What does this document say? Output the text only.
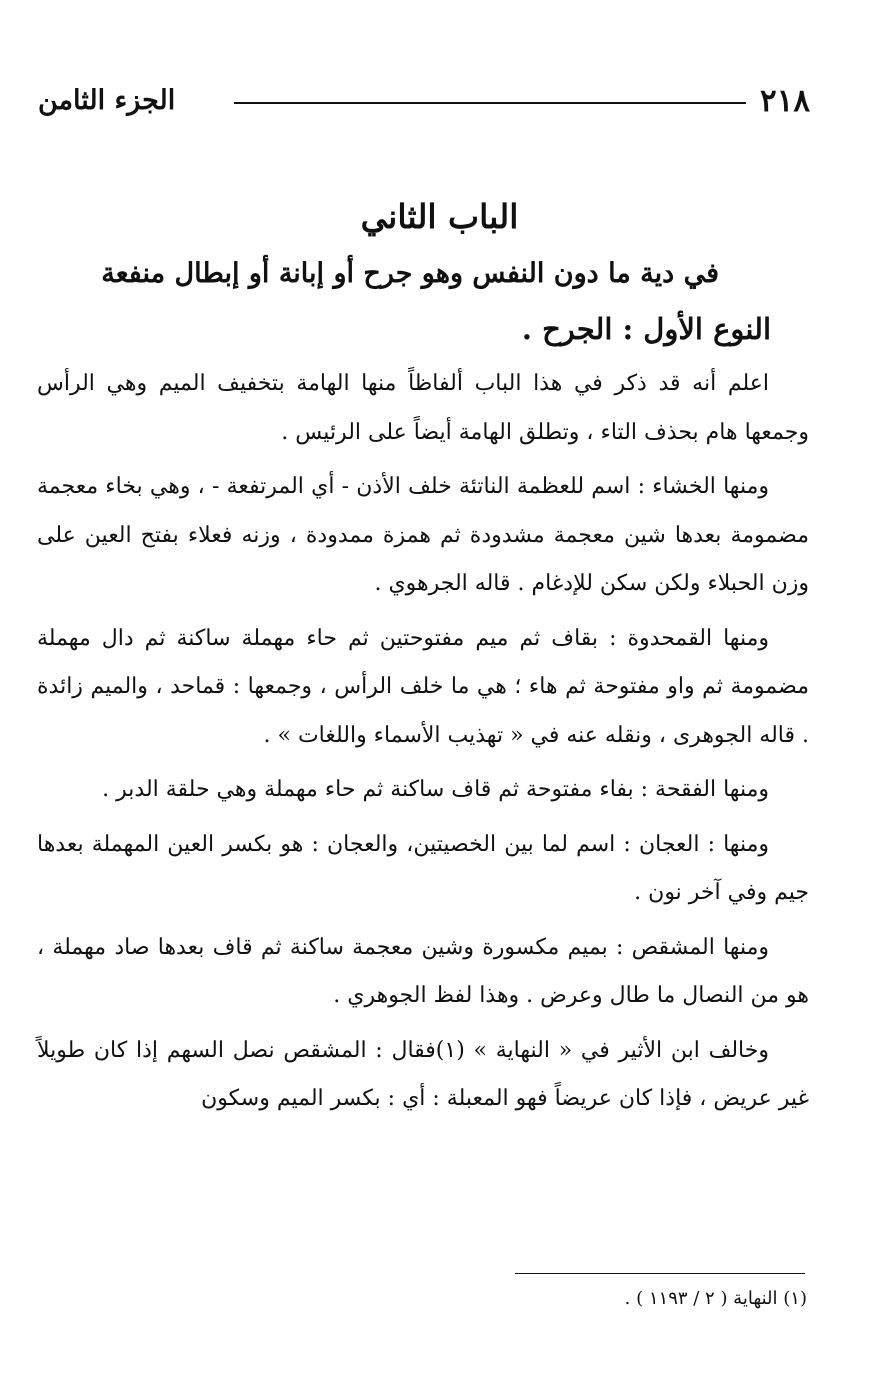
٢١٨
الجزء الثامن
الباب الثاني
في دية ما دون النفس وهو جرح أو إبانة أو إبطال منفعة
النوع الأول : الجرح .

اعلم أنه قد ذكر في هذا الباب ألفاظاً منها الهامة بتخفيف الميم وهي الرأس وجمعها هام بحذف التاء ، وتطلق الهامة أيضاً على الرئيس .

ومنها الخشاء : اسم للعظمة الناتئة خلف الأذن - أي المرتفعة - ، وهي بخاء معجمة مضمومة بعدها شين معجمة مشدودة ثم همزة ممدودة ، وزنه فعلاء بفتح العين على وزن الحبلاء ولكن سكن للإدغام . قاله الجرهوي .

ومنها القمحدوة : بقاف ثم ميم مفتوحتين ثم حاء مهملة ساكنة ثم دال مهملة مضمومة ثم واو مفتوحة ثم هاء ؛ هي ما خلف الرأس ، وجمعها : قماحد ، والميم زائدة . قاله الجوهرى ، ونقله عنه في « تهذيب الأسماء واللغات » .

ومنها الفقحة : بفاء مفتوحة ثم قاف ساكنة ثم حاء مهملة وهي حلقة الدبر .

ومنها : العجان : اسم لما بين الخصيتين، والعجان : هو بكسر العين المهملة بعدها جيم وفي آخر نون .

ومنها المشقص : بميم مكسورة وشين معجمة ساكنة ثم قاف بعدها صاد مهملة ، هو من النصال ما طال وعرض . وهذا لفظ الجوهري .

وخالف ابن الأثير في « النهاية » (١)فقال : المشقص نصل السهم إذا كان طويلاً غير عريض ، فإذا كان عريضاً فهو المعبلة : أي : بكسر الميم وسكون

(١) النهاية ( ٢ / ١١٩٣ ) .
